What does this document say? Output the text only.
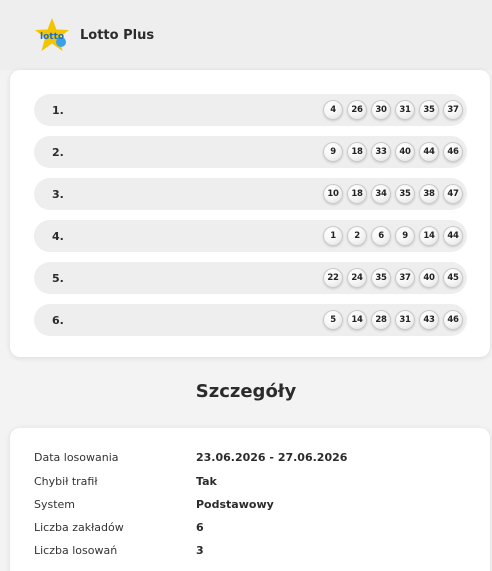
lotto Lotto Plus
1.	4	26	30	31	35	37
2.	9	18	33	40	44	46
3.	10	18	34	35	38	47
4.	1	2	6	9	14	44
5.	22	24	35	37	40	45
6.	5	14	28	31	43	46
Szczegóły
Data losowania	23.06.2026 - 27.06.2026
Chybił trafił	Tak
System	Podstawowy
Liczba zakładów	6
Liczba losowań	3
